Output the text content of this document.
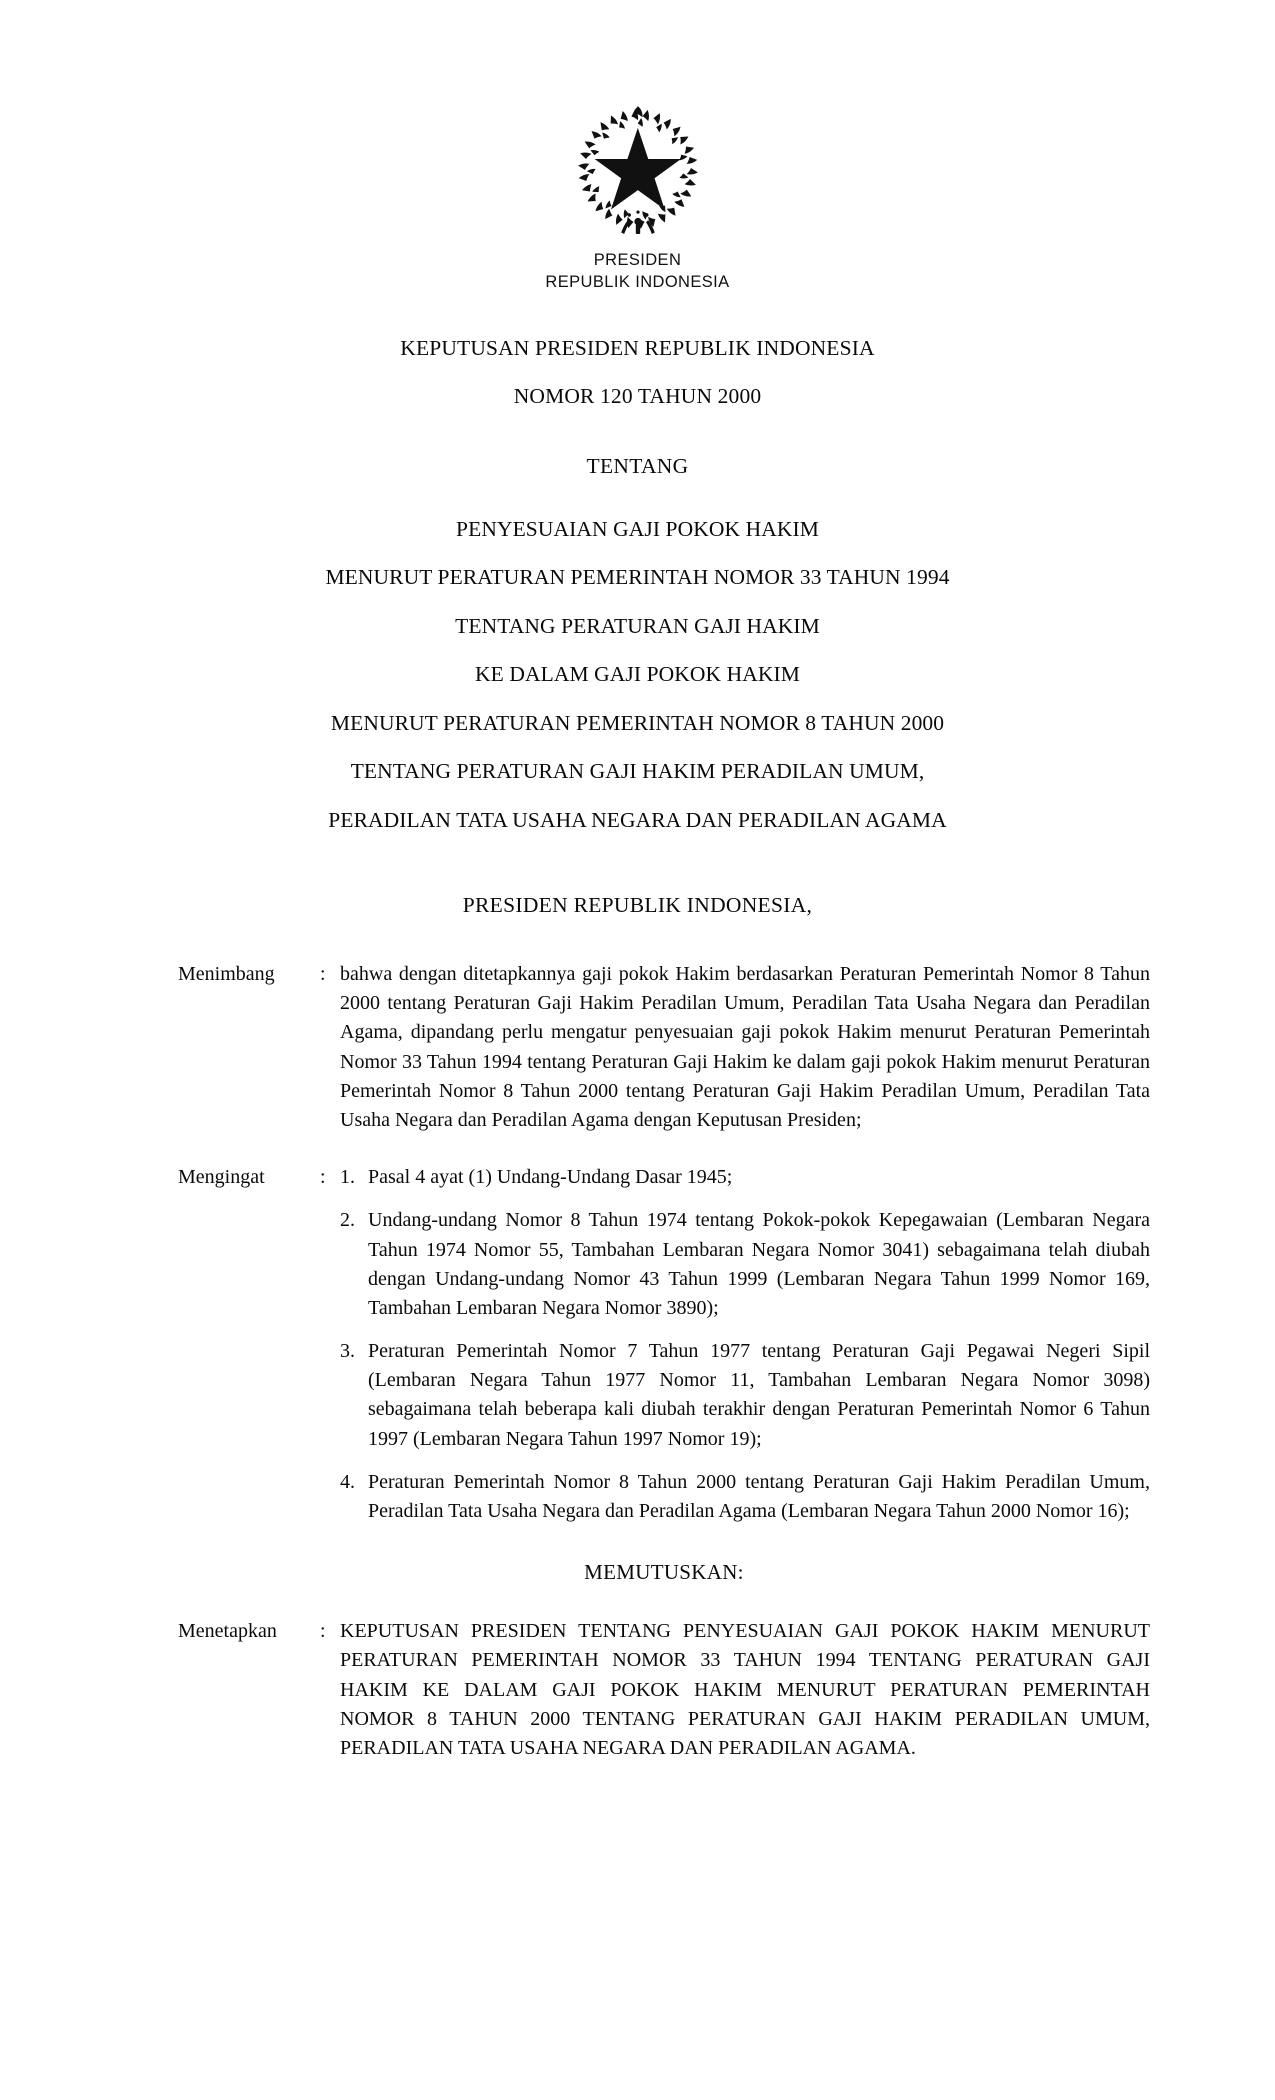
PRESIDEN
REPUBLIK INDONESIA
KEPUTUSAN PRESIDEN REPUBLIK INDONESIA
NOMOR 120 TAHUN 2000
TENTANG
PENYESUAIAN GAJI POKOK HAKIM
MENURUT PERATURAN PEMERINTAH NOMOR 33 TAHUN 1994
TENTANG PERATURAN GAJI HAKIM
KE DALAM GAJI POKOK HAKIM
MENURUT PERATURAN PEMERINTAH NOMOR 8 TAHUN 2000
TENTANG PERATURAN GAJI HAKIM PERADILAN UMUM,
PERADILAN TATA USAHA NEGARA DAN PERADILAN AGAMA
PRESIDEN REPUBLIK INDONESIA,
Menimbang	: bahwa dengan ditetapkannya gaji pokok Hakim berdasarkan Peraturan Pemerintah Nomor 8 Tahun 2000 tentang Peraturan Gaji Hakim Peradilan Umum, Peradilan Tata Usaha Negara dan Peradilan Agama, dipandang perlu mengatur penyesuaian gaji pokok Hakim menurut Peraturan Pemerintah Nomor 33 Tahun 1994 tentang Peraturan Gaji Hakim ke dalam gaji pokok Hakim menurut Peraturan Pemerintah Nomor 8 Tahun 2000 tentang Peraturan Gaji Hakim Peradilan Umum, Peradilan Tata Usaha Negara dan Peradilan Agama dengan Keputusan Presiden;
Mengingat	: 1. Pasal 4 ayat (1) Undang-Undang Dasar 1945;
2. Undang-undang Nomor 8 Tahun 1974 tentang Pokok-pokok Kepegawaian (Lembaran Negara Tahun 1974 Nomor 55, Tambahan Lembaran Negara Nomor 3041) sebagaimana telah diubah dengan Undang-undang Nomor 43 Tahun 1999 (Lembaran Negara Tahun 1999 Nomor 169, Tambahan Lembaran Negara Nomor 3890);
3. Peraturan Pemerintah Nomor 7 Tahun 1977 tentang Peraturan Gaji Pegawai Negeri Sipil (Lembaran Negara Tahun 1977 Nomor 11, Tambahan Lembaran Negara Nomor 3098) sebagaimana telah beberapa kali diubah terakhir dengan Peraturan Pemerintah Nomor 6 Tahun 1997 (Lembaran Negara Tahun 1997 Nomor 19);
4. Peraturan Pemerintah Nomor 8 Tahun 2000 tentang Peraturan Gaji Hakim Peradilan Umum, Peradilan Tata Usaha Negara dan Peradilan Agama (Lembaran Negara Tahun 2000 Nomor 16);
MEMUTUSKAN:
Menetapkan	: KEPUTUSAN PRESIDEN TENTANG PENYESUAIAN GAJI POKOK HAKIM MENURUT PERATURAN PEMERINTAH NOMOR 33 TAHUN 1994 TENTANG PERATURAN GAJI HAKIM KE DALAM GAJI POKOK HAKIM MENURUT PERATURAN PEMERINTAH NOMOR 8 TAHUN 2000 TENTANG PERATURAN GAJI HAKIM PERADILAN UMUM, PERADILAN TATA USAHA NEGARA DAN PERADILAN AGAMA.
